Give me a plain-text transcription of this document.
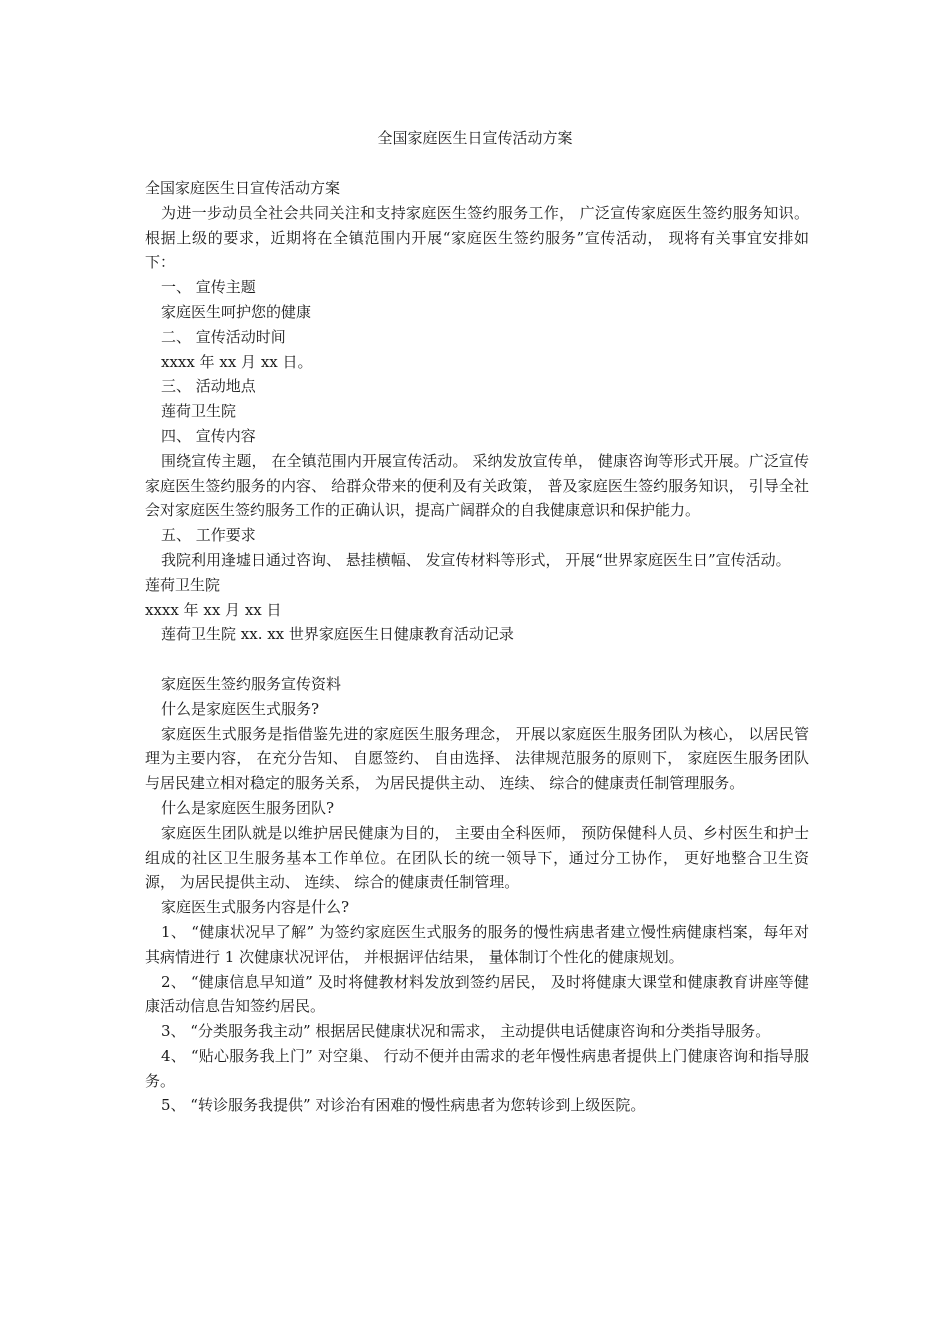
全国家庭医生日宣传活动方案

全国家庭医生日宣传活动方案

为进一步动员全社会共同关注和支持家庭医生签约服务工作， 广泛宣传家庭医生签约服务知识。 根据上级的要求，近期将在全镇范围内开展“家庭医生签约服务”宣传活动， 现将有关事宜安排如下：

一、 宣传主题

家庭医生呵护您的健康

二、 宣传活动时间

xxxx 年 xx 月 xx 日。

三、 活动地点

莲荷卫生院

四、 宣传内容

围绕宣传主题， 在全镇范围内开展宣传活动。 采纳发放宣传单， 健康咨询等形式开展。广泛宣传家庭医生签约服务的内容、 给群众带来的便利及有关政策， 普及家庭医生签约服务知识， 引导全社会对家庭医生签约服务工作的正确认识，提高广阔群众的自我健康意识和保护能力。

五、 工作要求

我院利用逢墟日通过咨询、 悬挂横幅、 发宣传材料等形式， 开展“世界家庭医生日”宣传活动。

莲荷卫生院

xxxx 年 xx 月 xx 日

莲荷卫生院 xx. xx 世界家庭医生日健康教育活动记录

家庭医生签约服务宣传资料

什么是家庭医生式服务?

家庭医生式服务是指借鉴先进的家庭医生服务理念， 开展以家庭医生服务团队为核心， 以居民管理为主要内容， 在充分告知、 自愿签约、 自由选择、 法律规范服务的原则下， 家庭医生服务团队与居民建立相对稳定的服务关系， 为居民提供主动、 连续、 综合的健康责任制管理服务。

什么是家庭医生服务团队?

家庭医生团队就是以维护居民健康为目的， 主要由全科医师， 预防保健科人员、乡村医生和护士组成的社区卫生服务基本工作单位。在团队长的统一领导下，通过分工协作， 更好地整合卫生资源， 为居民提供主动、 连续、 综合的健康责任制管理。

家庭医生式服务内容是什么?

1、 “健康状况早了解” 为签约家庭医生式服务的服务的慢性病患者建立慢性病健康档案，每年对其病情进行 1 次健康状况评估， 并根据评估结果， 量体制订个性化的健康规划。

2、 “健康信息早知道” 及时将健教材料发放到签约居民， 及时将健康大课堂和健康教育讲座等健康活动信息告知签约居民。

3、 “分类服务我主动” 根据居民健康状况和需求， 主动提供电话健康咨询和分类指导服务。

4、 “贴心服务我上门” 对空巢、 行动不便并由需求的老年慢性病患者提供上门健康咨询和指导服务。

5、 “转诊服务我提供” 对诊治有困难的慢性病患者为您转诊到上级医院。
